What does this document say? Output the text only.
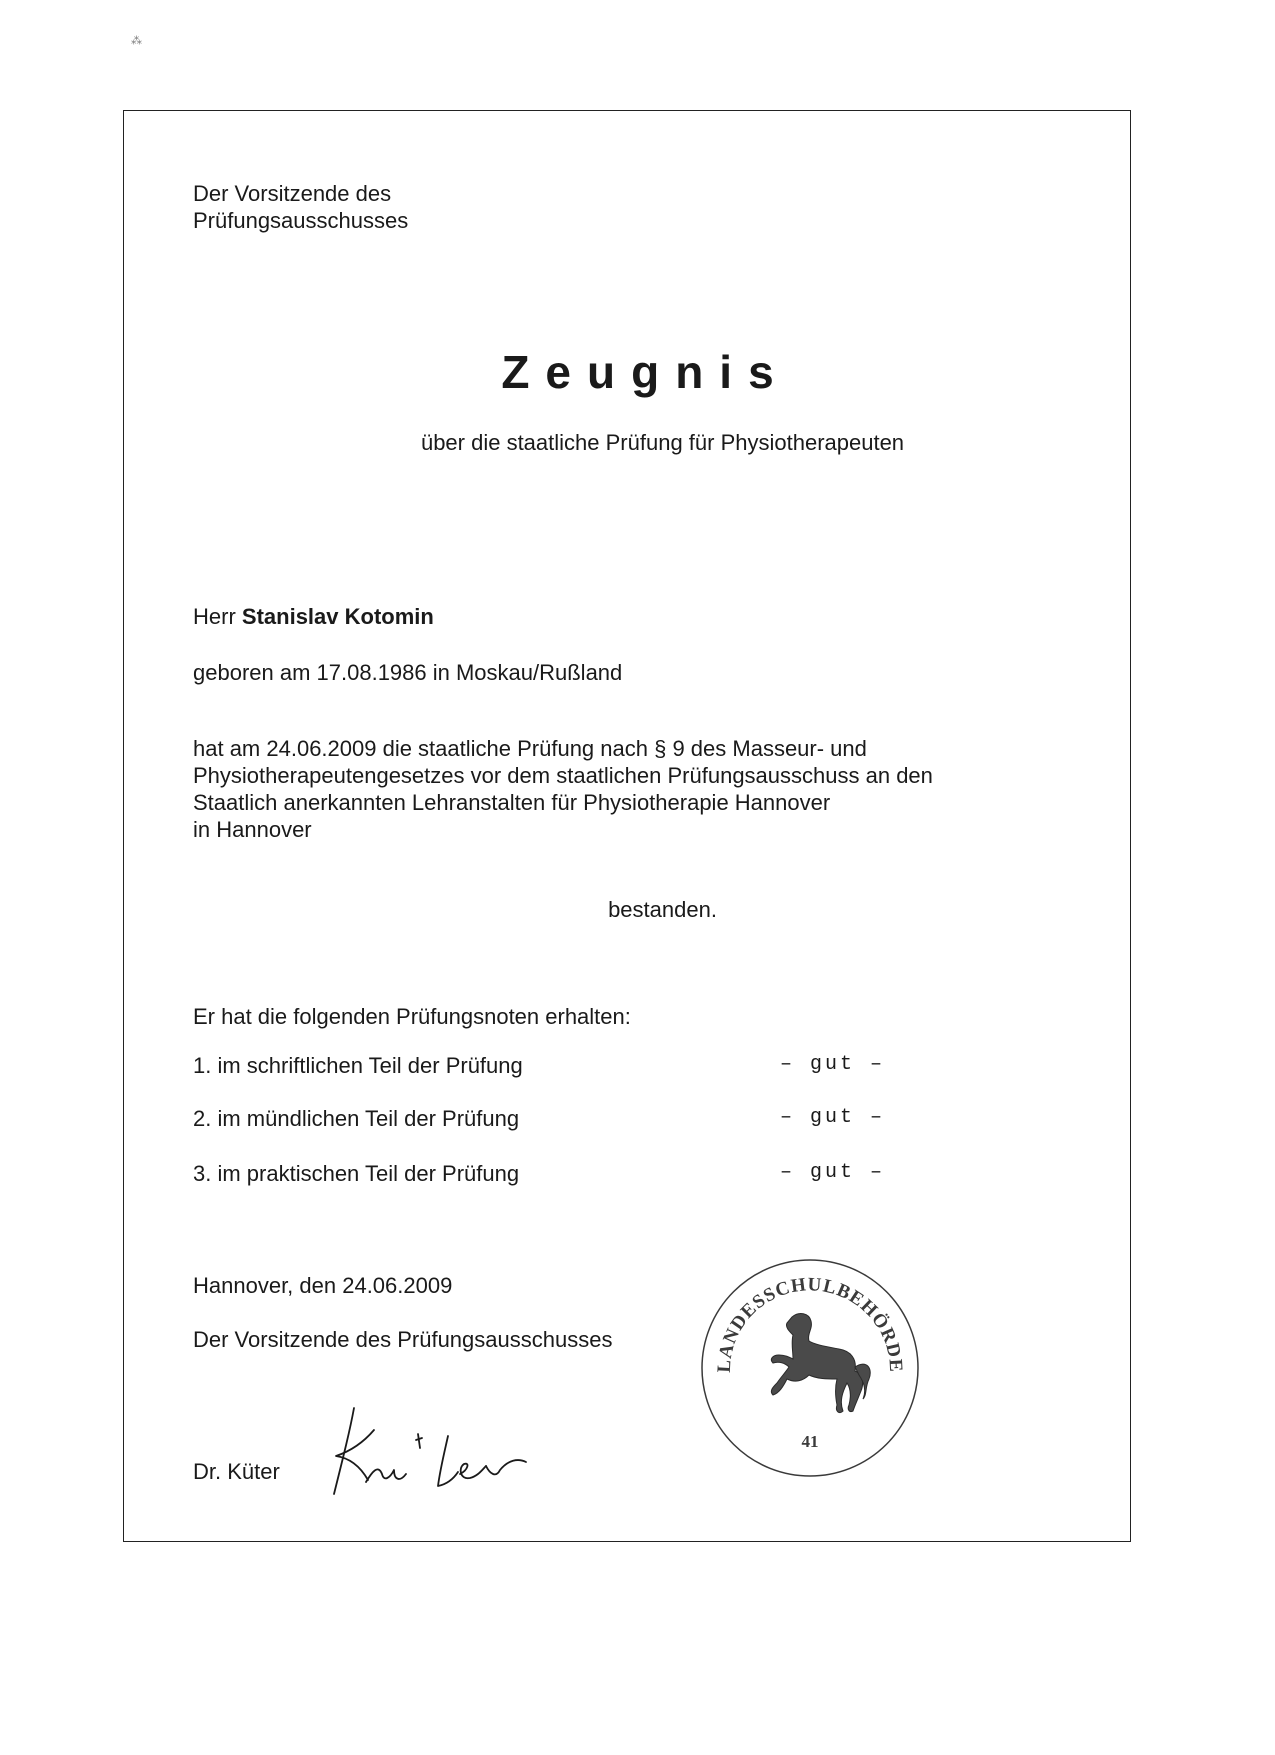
⁂
Der Vorsitzende des
Prüfungsausschusses
Zeugnis
über die staatliche Prüfung für Physiotherapeuten
Herr Stanislav Kotomin
geboren am 17.08.1986 in Moskau/Rußland
hat am 24.06.2009 die staatliche Prüfung nach § 9 des Masseur- und
Physiotherapeutengesetzes vor dem staatlichen Prüfungsausschuss an den
Staatlich anerkannten Lehranstalten für Physiotherapie Hannover
in Hannover
bestanden.
Er hat die folgenden Prüfungsnoten erhalten:
1. im schriftlichen Teil der Prüfung	– gut –
2. im mündlichen Teil der Prüfung	– gut –
3. im praktischen Teil der Prüfung	– gut –
Hannover, den 24.06.2009
Der Vorsitzende des Prüfungsausschusses
Dr. Küter
LANDESSCHULBEHÖRDE
41
